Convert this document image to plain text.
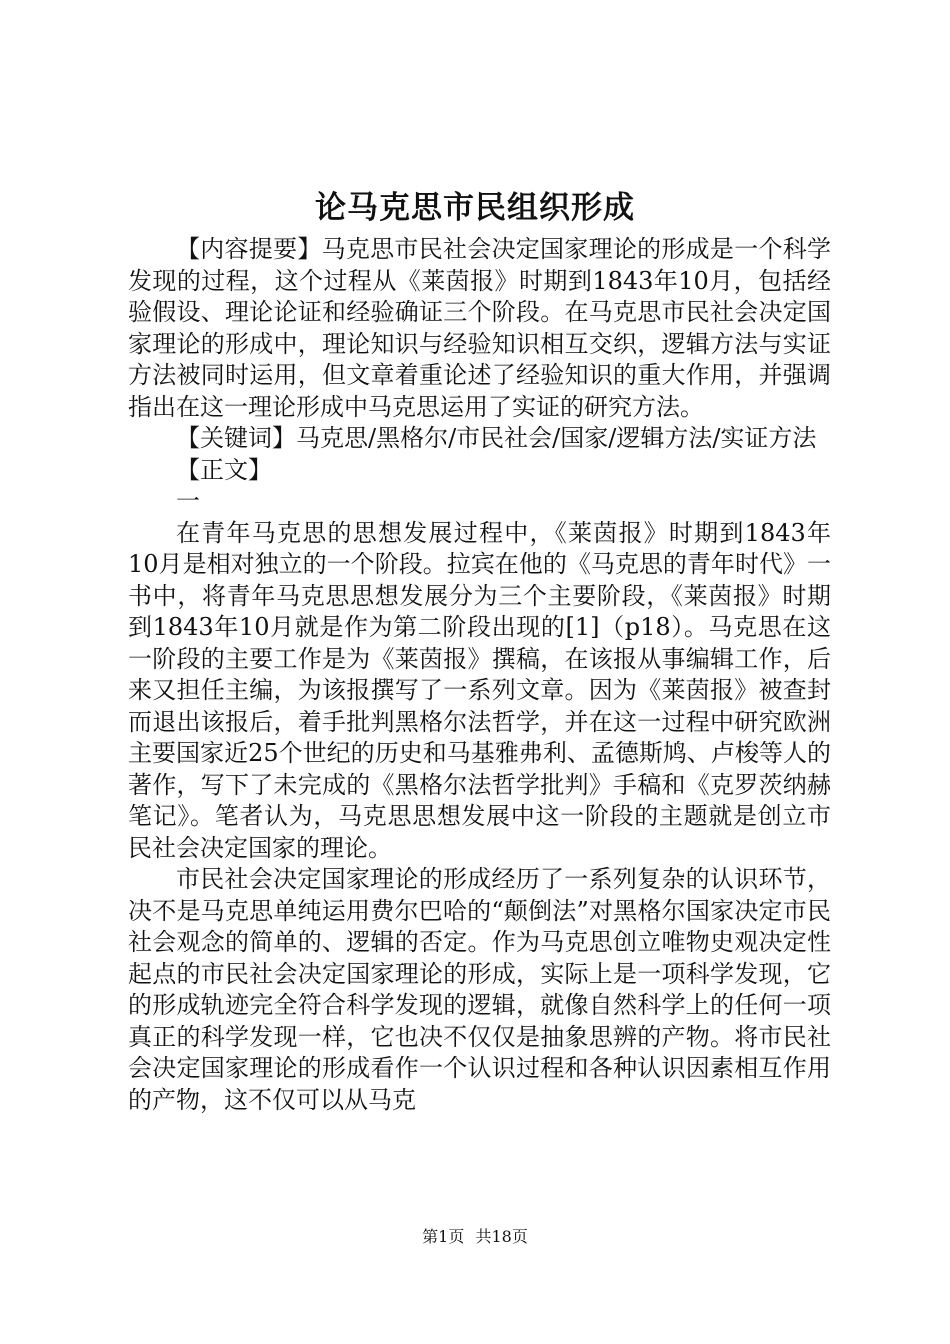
论马克思市民组织形成

【内容提要】马克思市民社会决定国家理论的形成是一个科学发现的过程，这个过程从《莱茵报》时期到1843年10月，包括经验假设、理论论证和经验确证三个阶段。在马克思市民社会决定国家理论的形成中，理论知识与经验知识相互交织，逻辑方法与实证方法被同时运用，但文章着重论述了经验知识的重大作用，并强调指出在这一理论形成中马克思运用了实证的研究方法。

【关键词】马克思/黑格尔/市民社会/国家/逻辑方法/实证方法

【正文】

一

在青年马克思的思想发展过程中，《莱茵报》时期到1843年10月是相对独立的一个阶段。拉宾在他的《马克思的青年时代》一书中，将青年马克思思想发展分为三个主要阶段，《莱茵报》时期到1843年10月就是作为第二阶段出现的[1]（p18）。马克思在这一阶段的主要工作是为《莱茵报》撰稿，在该报从事编辑工作，后来又担任主编，为该报撰写了一系列文章。因为《莱茵报》被查封而退出该报后，着手批判黑格尔法哲学，并在这一过程中研究欧洲主要国家近25个世纪的历史和马基雅弗利、孟德斯鸠、卢梭等人的著作，写下了未完成的《黑格尔法哲学批判》手稿和《克罗茨纳赫笔记》。笔者认为，马克思思想发展中这一阶段的主题就是创立市民社会决定国家的理论。

市民社会决定国家理论的形成经历了一系列复杂的认识环节，决不是马克思单纯运用费尔巴哈的“颠倒法”对黑格尔国家决定市民社会观念的简单的、逻辑的否定。作为马克思创立唯物史观决定性起点的市民社会决定国家理论的形成，实际上是一项科学发现，它的形成轨迹完全符合科学发现的逻辑，就像自然科学上的任何一项真正的科学发现一样，它也决不仅仅是抽象思辨的产物。将市民社会决定国家理论的形成看作一个认识过程和各种认识因素相互作用的产物，这不仅可以从马克

第1页 共18页
